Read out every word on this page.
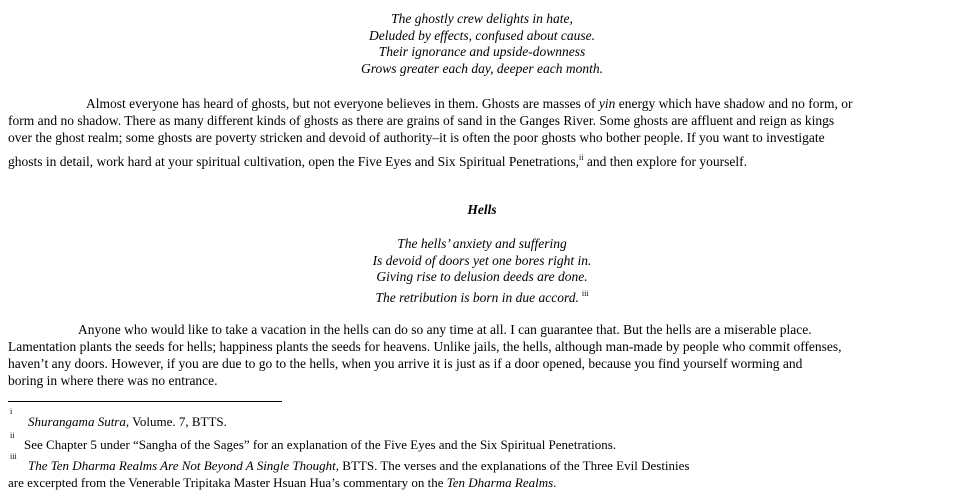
The ghostly crew delights in hate,
Deluded by effects, confused about cause.
Their ignorance and upside-downness
Grows greater each day, deeper each month.
Almost everyone has heard of ghosts, but not everyone believes in them. Ghosts are masses of yin energy which have shadow and no form, or
form and no shadow. There as many different kinds of ghosts as there are grains of sand in the Ganges River. Some ghosts are affluent and reign as kings
over the ghost realm; some ghosts are poverty stricken and devoid of authority–it is often the poor ghosts who bother people. If you want to investigate
ghosts in detail, work hard at your spiritual cultivation, open the Five Eyes and Six Spiritual Penetrations,$^{ii}$ and then explore for yourself.
Hells
The hells’ anxiety and suffering
Is devoid of doors yet one bores right in.
Giving rise to delusion deeds are done.
The retribution is born in due accord. $^{iii}$
Anyone who would like to take a vacation in the hells can do so any time at all. I can guarantee that. But the hells are a miserable place.
Lamentation plants the seeds for hells; happiness plants the seeds for heavens. Unlike jails, the hells, although man-made by people who commit offenses,
haven’t any doors. However, if you are due to go to the hells, when you arrive it is just as if a door opened, because you find yourself worming and
boring in where there was no entrance.
i
Shurangama Sutra, Volume. 7, BTTS.
ii
See Chapter 5 under “Sangha of the Sages” for an explanation of the Five Eyes and the Six Spiritual Penetrations.
iii
The Ten Dharma Realms Are Not Beyond A Single Thought, BTTS. The verses and the explanations of the Three Evil Destinies
are excerpted from the Venerable Tripitaka Master Hsuan Hua’s commentary on the Ten Dharma Realms.
